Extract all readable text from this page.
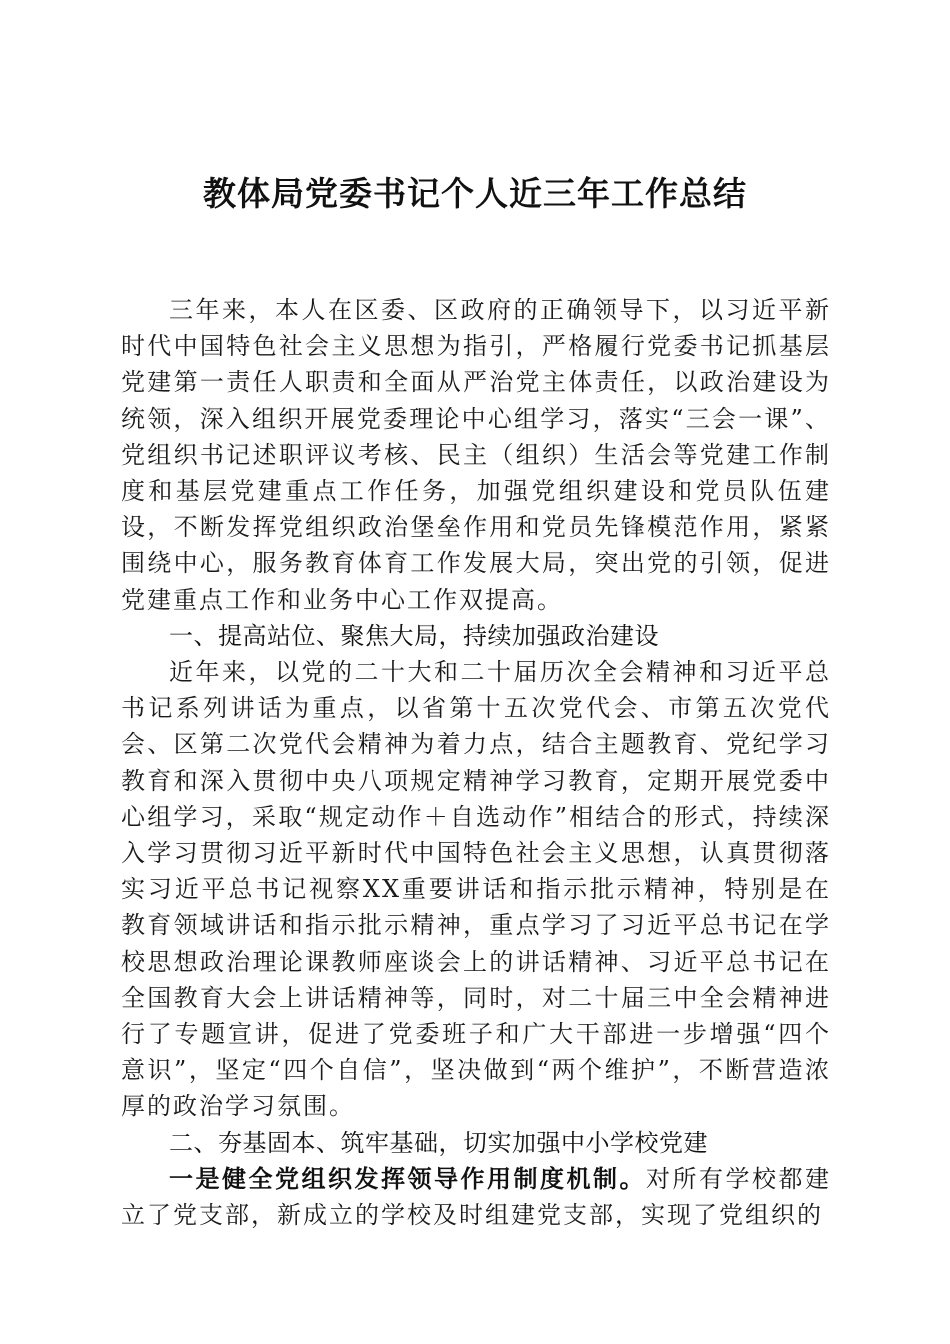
教体局党委书记个人近三年工作总结

三年来，本人在区委、区政府的正确领导下，以习近平新时代中国特色社会主义思想为指引，严格履行党委书记抓基层党建第一责任人职责和全面从严治党主体责任，以政治建设为统领，深入组织开展党委理论中心组学习，落实“三会一课”、党组织书记述职评议考核、民主（组织）生活会等党建工作制度和基层党建重点工作任务，加强党组织建设和党员队伍建设，不断发挥党组织政治堡垒作用和党员先锋模范作用，紧紧围绕中心，服务教育体育工作发展大局，突出党的引领，促进党建重点工作和业务中心工作双提高。

一、提高站位、聚焦大局，持续加强政治建设

近年来，以党的二十大和二十届历次全会精神和习近平总书记系列讲话为重点，以省第十五次党代会、市第五次党代会、区第二次党代会精神为着力点，结合主题教育、党纪学习教育和深入贯彻中央八项规定精神学习教育，定期开展党委中心组学习，采取“规定动作＋自选动作”相结合的形式，持续深入学习贯彻习近平新时代中国特色社会主义思想，认真贯彻落实习近平总书记视察XX重要讲话和指示批示精神，特别是在教育领域讲话和指示批示精神，重点学习了习近平总书记在学校思想政治理论课教师座谈会上的讲话精神、习近平总书记在全国教育大会上讲话精神等，同时，对二十届三中全会精神进行了专题宣讲，促进了党委班子和广大干部进一步增强“四个意识”，坚定“四个自信”，坚决做到“两个维护”，不断营造浓厚的政治学习氛围。

二、夯基固本、筑牢基础，切实加强中小学校党建

一是健全党组织发挥领导作用制度机制。对所有学校都建立了党支部，新成立的学校及时组建党支部，实现了党组织的
